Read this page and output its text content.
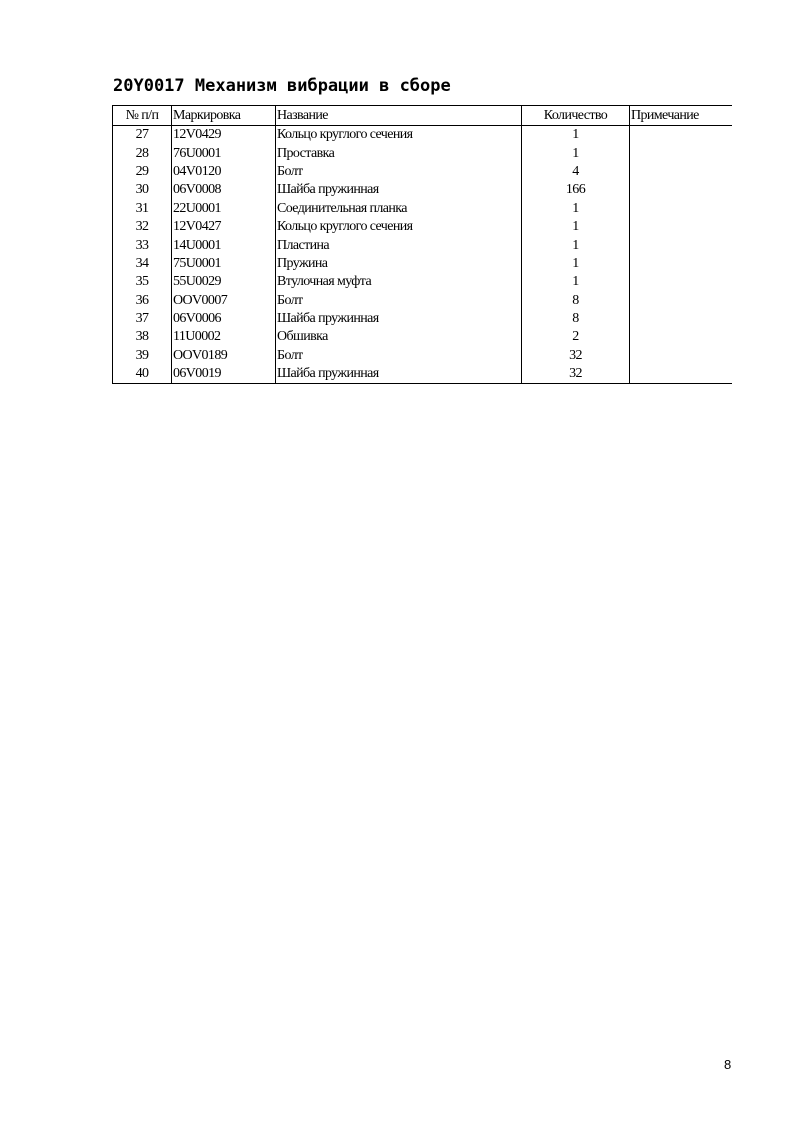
20Y0017 Механизм вибрации в сборе
№ п/п	Маркировка	Название	Количество	Примечание
27	12V0429	Кольцо круглого сечения	1	
28	76U0001	Проставка	1	
29	04V0120	Болт	4	
30	06V0008	Шайба пружинная	166	
31	22U0001	Соединительная планка	1	
32	12V0427	Кольцо круглого сечения	1	
33	14U0001	Пластина	1	
34	75U0001	Пружина	1	
35	55U0029	Втулочная муфта	1	
36	OOV0007	Болт	8	
37	06V0006	Шайба пружинная	8	
38	11U0002	Обшивка	2	
39	OOV0189	Болт	32	
40	06V0019	Шайба пружинная	32	
8
